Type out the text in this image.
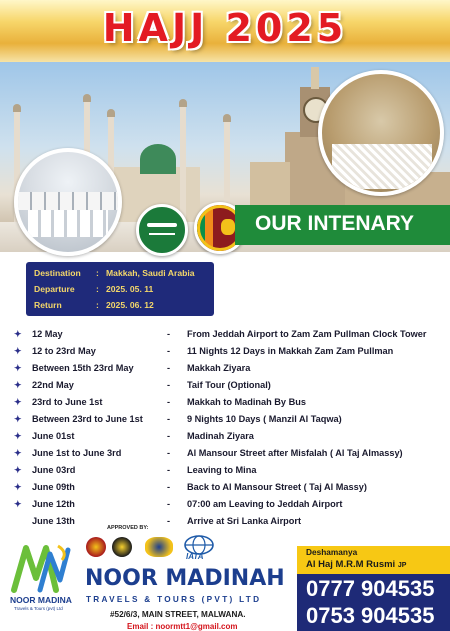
HAJJ 2025
OUR INTENARY
Destination : Makkah, Saudi Arabia
Departure : 2025. 05. 11
Return	: 2025. 06. 12
✦ 12 May	- From Jeddah Airport to Zam Zam Pullman Clock Tower
✦ 12 to 23rd May	- 11 Nights 12 Days in Makkah Zam Zam Pullman
✦ Between 15th 23rd May	- Makkah Ziyara
✦ 22nd May	- Taif Tour (Optional)
✦ 23rd to June 1st	- Makkah to Madinah By Bus
✦ Between 23rd to June 1st	- 9 Nights 10 Days ( Manzil Al Taqwa)
✦ June 01st	- Madinah Ziyara
✦ June 1st to June 3rd	- Al Mansour Street after Misfalah ( Al Taj Almassy)
✦ June 03rd	- Leaving to Mina
✦ June 09th	- Back to Al Mansour Street ( Taj Al Massy)
✦ June 12th	- 07:00 am Leaving to Jeddah Airport
June 13th	- Arrive at Sri Lanka Airport
NOOR MADINA
Travels & Tours (pvt) Ltd
APPROVED BY:
IATA
NOOR MADINAH
TRAVELS & TOURS (PVT) LTD
#52/6/3, MAIN STREET, MALWANA.
Email : noormtt1@gmail.com
Deshamanya
Al Haj M.R.M Rusmi JP
0777 904535
0753 904535
